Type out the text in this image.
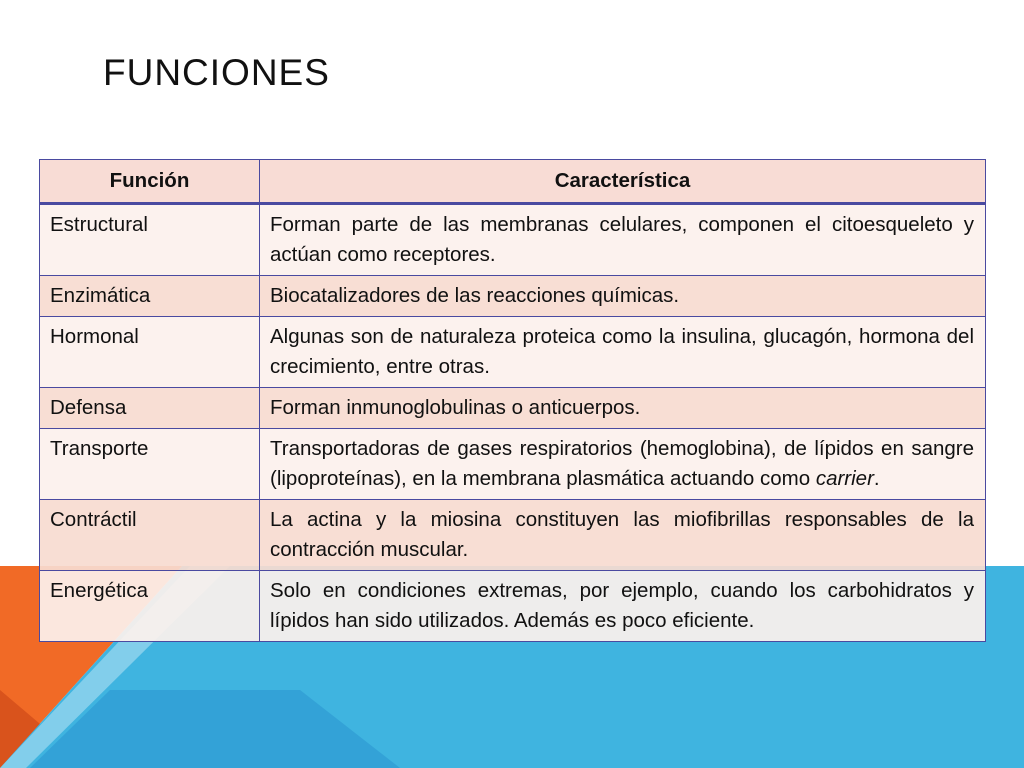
FUNCIONES
Función	Característica
Estructural	Forman parte de las membranas celulares, componen el citoesqueleto y actúan como receptores.
Enzimática	Biocatalizadores de las reacciones químicas.
Hormonal	Algunas son de naturaleza proteica como la insulina, glucagón, hormona del crecimiento, entre otras.
Defensa	Forman inmunoglobulinas o anticuerpos.
Transporte	Transportadoras de gases respiratorios (hemoglobina), de lípidos en sangre (lipoproteínas), en la membrana plasmática actuando como carrier.
Contráctil	La actina y la miosina constituyen las miofibrillas responsables de la contracción muscular.
Energética	Solo en condiciones extremas, por ejemplo, cuando los carbohidratos y lípidos han sido utilizados. Además es poco eficiente.
